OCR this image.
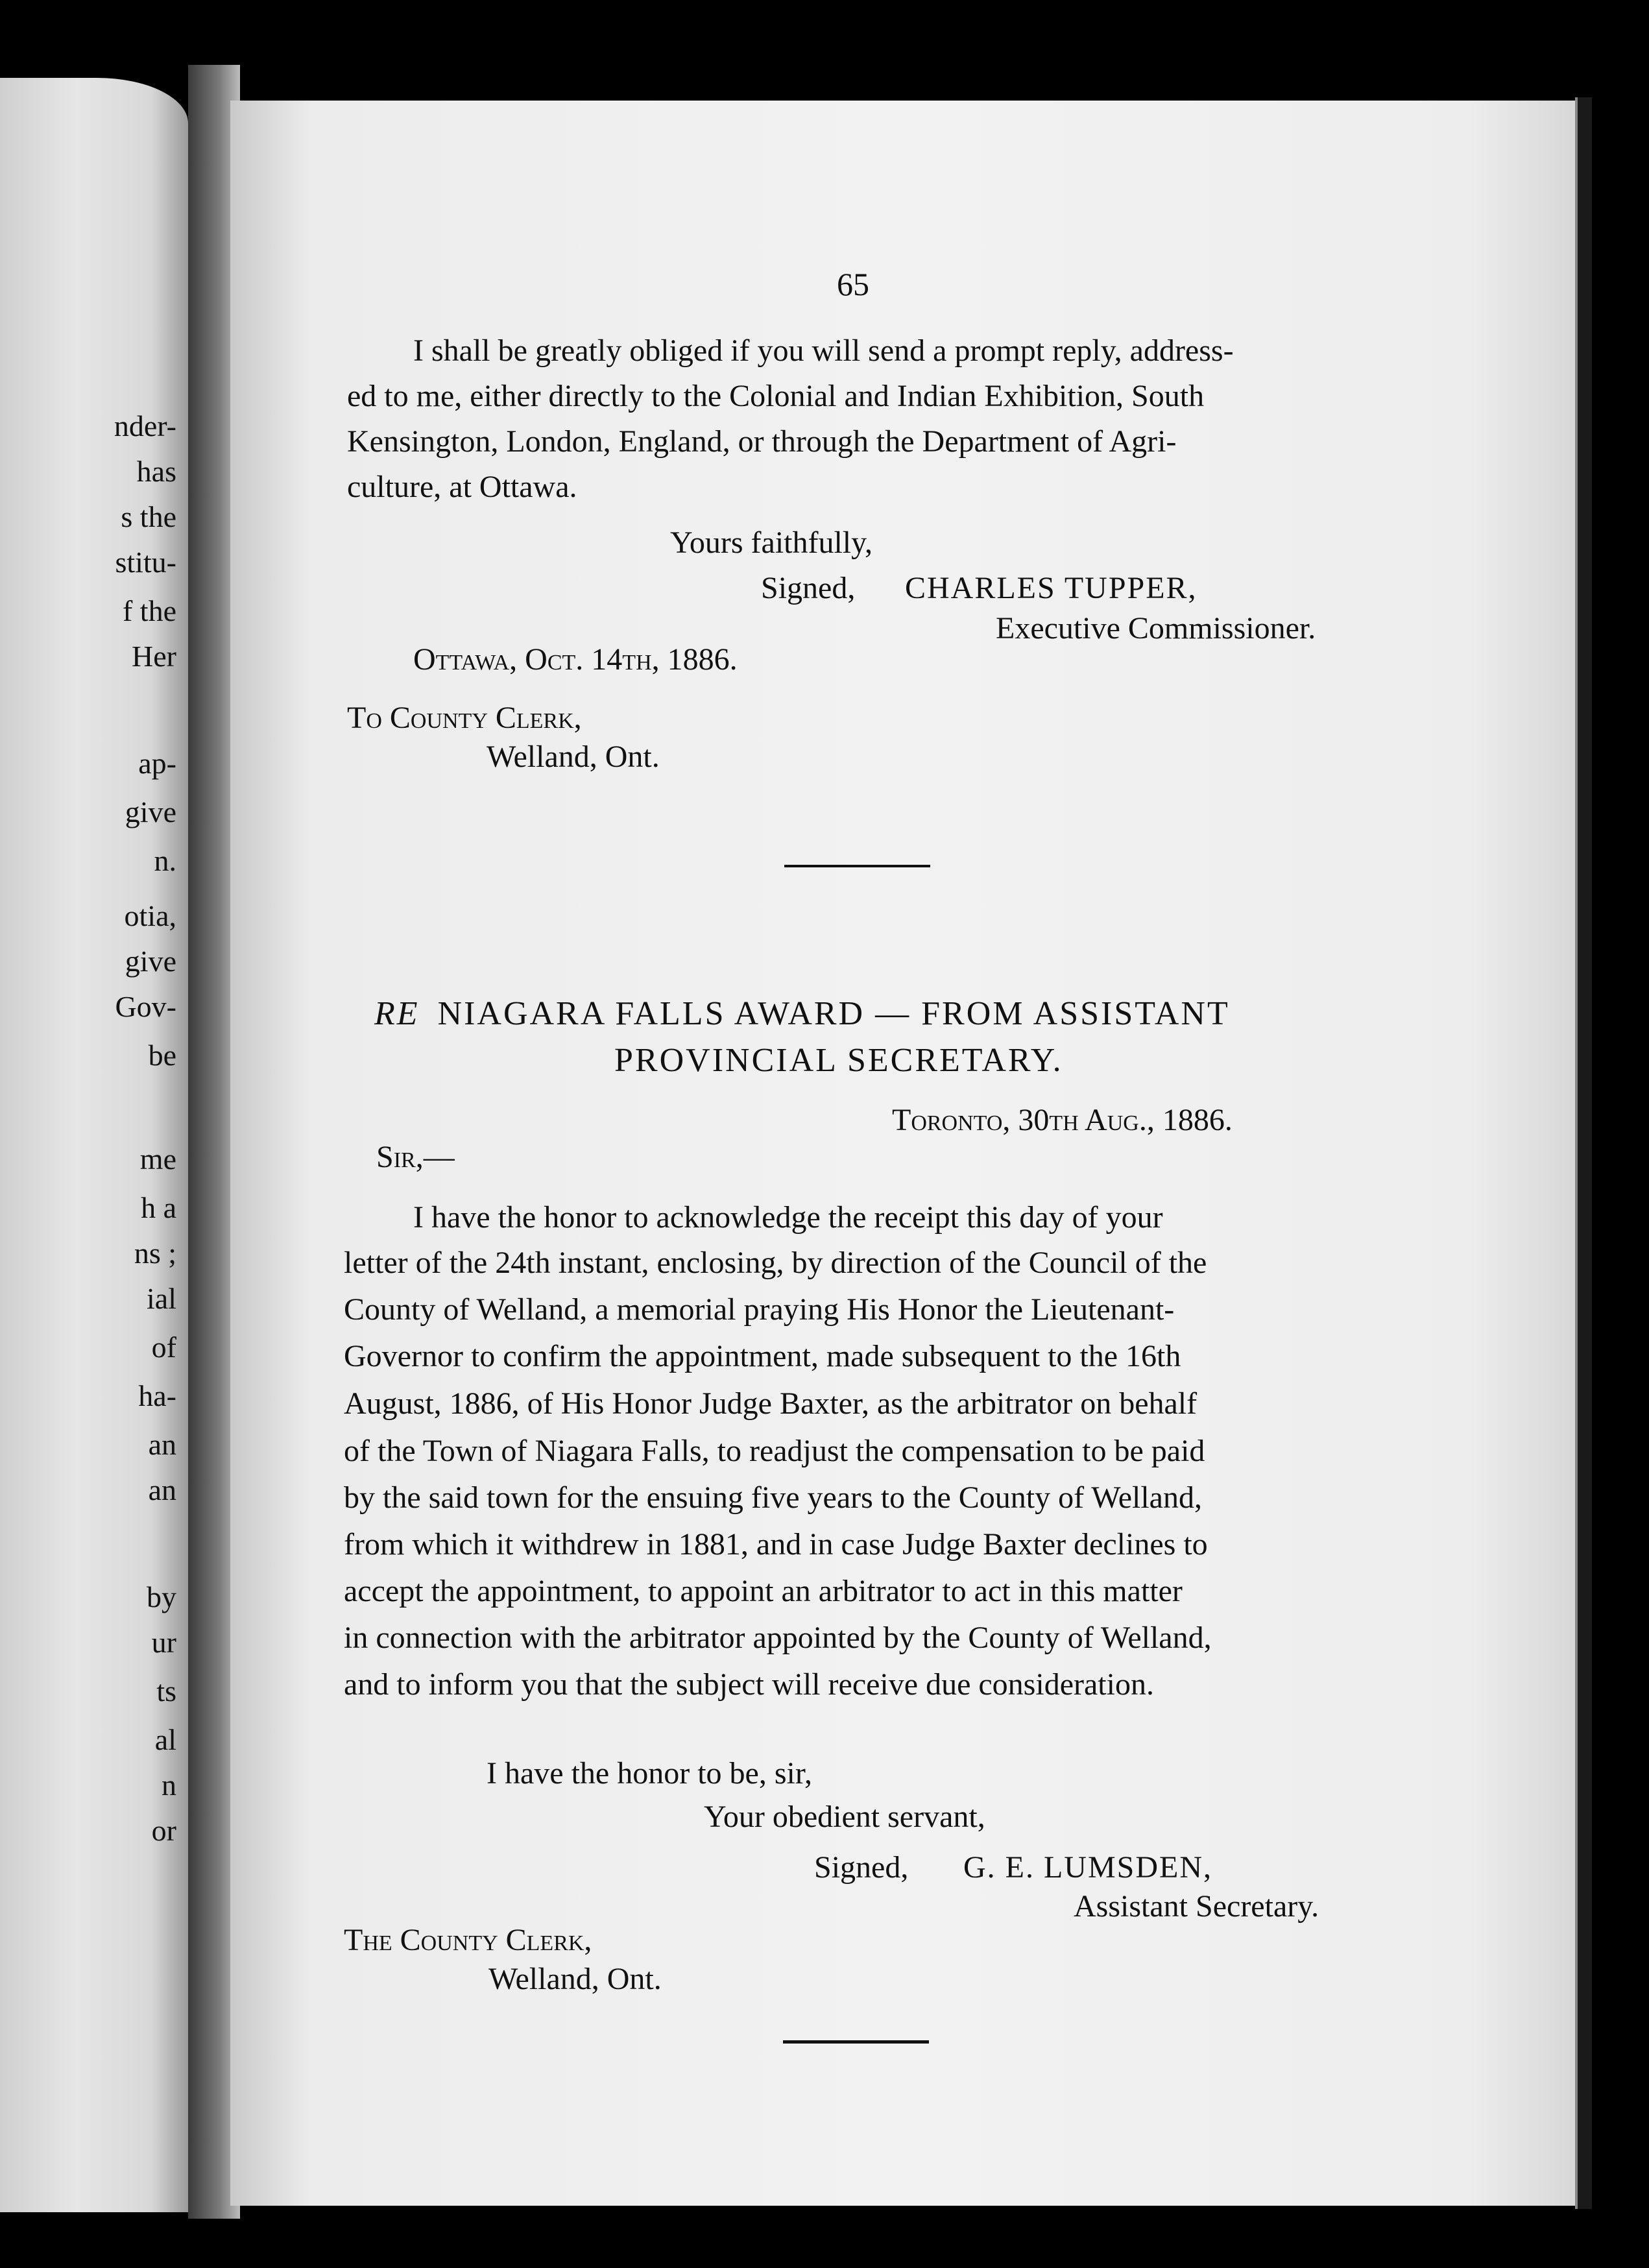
nder-
has
s the
stitu-
f the
Her
ap-
give
n.
otia,
give
Gov-
be
me
h a
ns ;
ial
of
ha-
an
an
by
ur
ts
al
n
or
65
I shall be greatly obliged if you will send a prompt reply, address-
ed to me, either directly to the Colonial and Indian Exhibition, South
Kensington, London, England, or through the Department of Agri-
culture, at Ottawa.
Yours faithfully,
Signed, CHARLES TUPPER,
Executive Commissioner.
Ottawa, Oct. 14th, 1886.
To County Clerk,
Welland, Ont.
RE NIAGARA FALLS AWARD — FROM ASSISTANT
PROVINCIAL SECRETARY.
Toronto, 30th Aug., 1886.
Sir,—
I have the honor to acknowledge the receipt this day of your
letter of the 24th instant, enclosing, by direction of the Council of the
County of Welland, a memorial praying His Honor the Lieutenant-
Governor to confirm the appointment, made subsequent to the 16th
August, 1886, of His Honor Judge Baxter, as the arbitrator on behalf
of the Town of Niagara Falls, to readjust the compensation to be paid
by the said town for the ensuing five years to the County of Welland,
from which it withdrew in 1881, and in case Judge Baxter declines to
accept the appointment, to appoint an arbitrator to act in this matter
in connection with the arbitrator appointed by the County of Welland,
and to inform you that the subject will receive due consideration.
I have the honor to be, sir,
Your obedient servant,
Signed, G. E. LUMSDEN,
Assistant Secretary.
The County Clerk,
Welland, Ont.
